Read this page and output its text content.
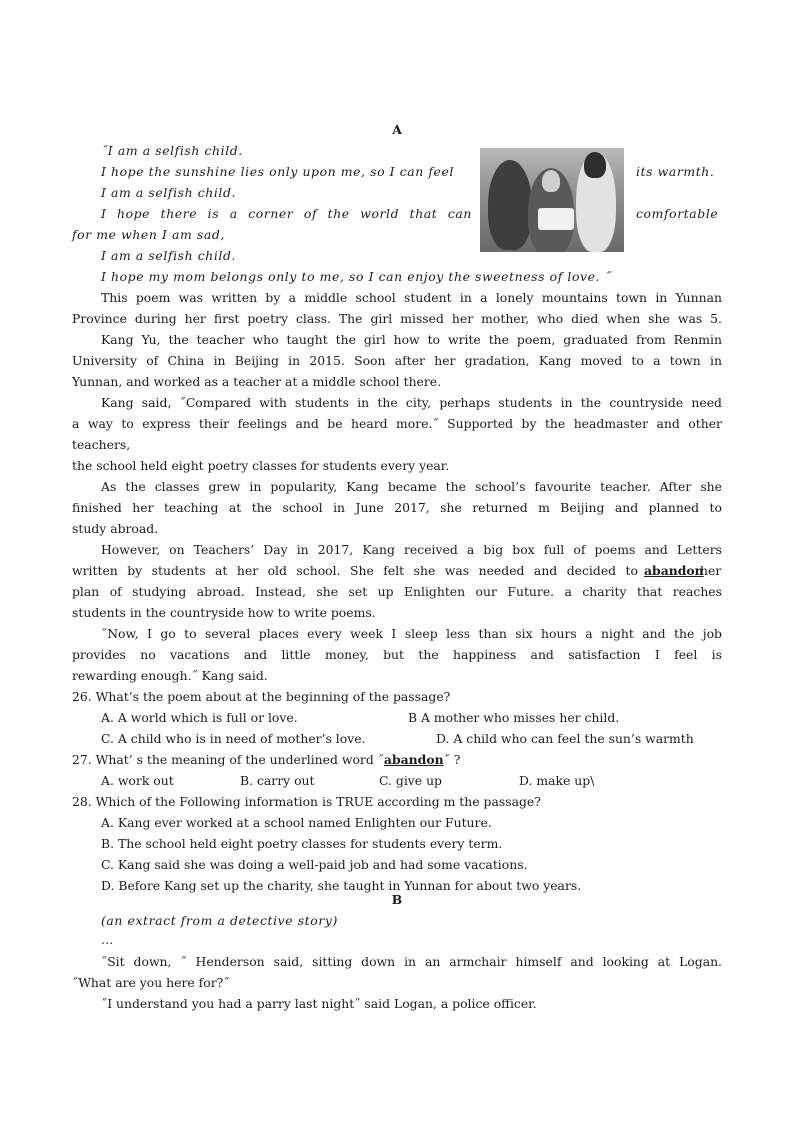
A
˝I am a selfish child.
I hope the sunshine lies only upon me, so I can feel	its warmth.
I am a selfish child.
I hope there is a corner of the world that can	comfortable
for me when I am sad,
I am a selfish child.
I hope my mom belongs only to me, so I can enjoy the sweetness of love. ˝
This poem was written by a middle school student in a lonely mountains town in Yunnan
Province during her first poetry class. The girl missed her mother, who died when she was 5.
Kang Yu, the teacher who taught the girl how to write the poem, graduated from Renmin
University of China in Beijing in 2015. Soon after her gradation, Kang moved to a town in
Yunnan, and worked as a teacher at a middle school there.
Kang said, ˝Compared with students in the city, perhaps students in the countryside need
a way to express their feelings and be heard more.˝ Supported by the headmaster and other
teachers,
the school held eight poetry classes for students every year.
As the classes grew in popularity, Kang became the school’s favourite teacher. After she
finished her teaching at the school in June 2017, she returned m Beijing and planned to
study abroad.
However, on Teachers’ Day in 2017, Kang received a big box full of poems and Letters
written by students at her old school. She felt she was needed and decided to abandon
her
plan of studying abroad. Instead, she set up Enlighten our Future. a charity that reaches
students in the countryside how to write poems.
˝Now, I go to several places every week I sleep less than six hours a night and the job
provides no vacations and little money, but the happiness and satisfaction I feel is
rewarding enough.˝ Kang said.
26. What’s the poem about at the beginning of the passage?
A. A world which is full or love.	B A mother who misses her child.
C. A child who is in need of mother’s love.	D. A child who can feel the sun’s warmth
27. What’ s the meaning of the underlined word ˝abandon˝ ?
A. work out	B. carry out	C. give up	D. make up\
28. Which of the Following information is TRUE according m the passage?
A. Kang ever worked at a school named Enlighten our Future.
B. The school held eight poetry classes for students every term.
C. Kang said she was doing a well-paid job and had some vacations.
D. Before Kang set up the charity, she taught in Yunnan for about two years.
B
(an extract from a detective story)
…
˝Sit down, ˝ Henderson said, sitting down in an armchair himself and looking at Logan.
˝What are you here for?˝
˝I understand you had a parry last night˝ said Logan, a police officer.
